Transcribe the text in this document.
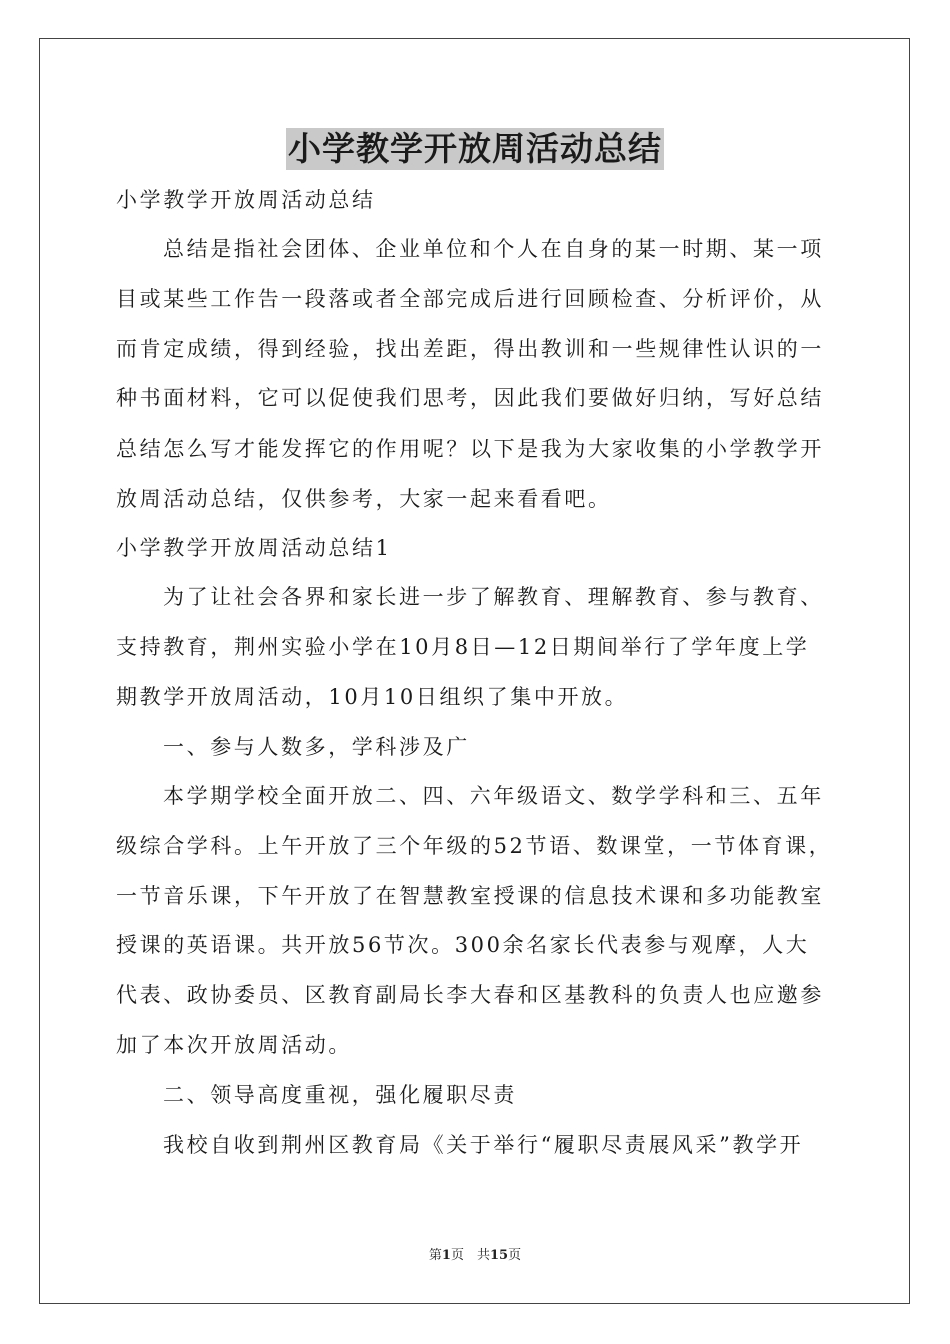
小学教学开放周活动总结

小学教学开放周活动总结

总结是指社会团体、企业单位和个人在自身的某一时期、某一项

目或某些工作告一段落或者全部完成后进行回顾检查、分析评价，从

而肯定成绩，得到经验，找出差距，得出教训和一些规律性认识的一

种书面材料，它可以促使我们思考，因此我们要做好归纳，写好总结

总结怎么写才能发挥它的作用呢？以下是我为大家收集的小学教学开

放周活动总结，仅供参考，大家一起来看看吧。

小学教学开放周活动总结1

为了让社会各界和家长进一步了解教育、理解教育、参与教育、

支持教育，荆州实验小学在10月8日—12日期间举行了学年度上学

期教学开放周活动，10月10日组织了集中开放。

一、参与人数多，学科涉及广

本学期学校全面开放二、四、六年级语文、数学学科和三、五年

级综合学科。上午开放了三个年级的52节语、数课堂，一节体育课，

一节音乐课，下午开放了在智慧教室授课的信息技术课和多功能教室

授课的英语课。共开放56节次。300余名家长代表参与观摩，人大

代表、政协委员、区教育副局长李大春和区基教科的负责人也应邀参

加了本次开放周活动。

二、领导高度重视，强化履职尽责

我校自收到荆州区教育局《关于举行“履职尽责展风采”教学开

第1页　共15页
